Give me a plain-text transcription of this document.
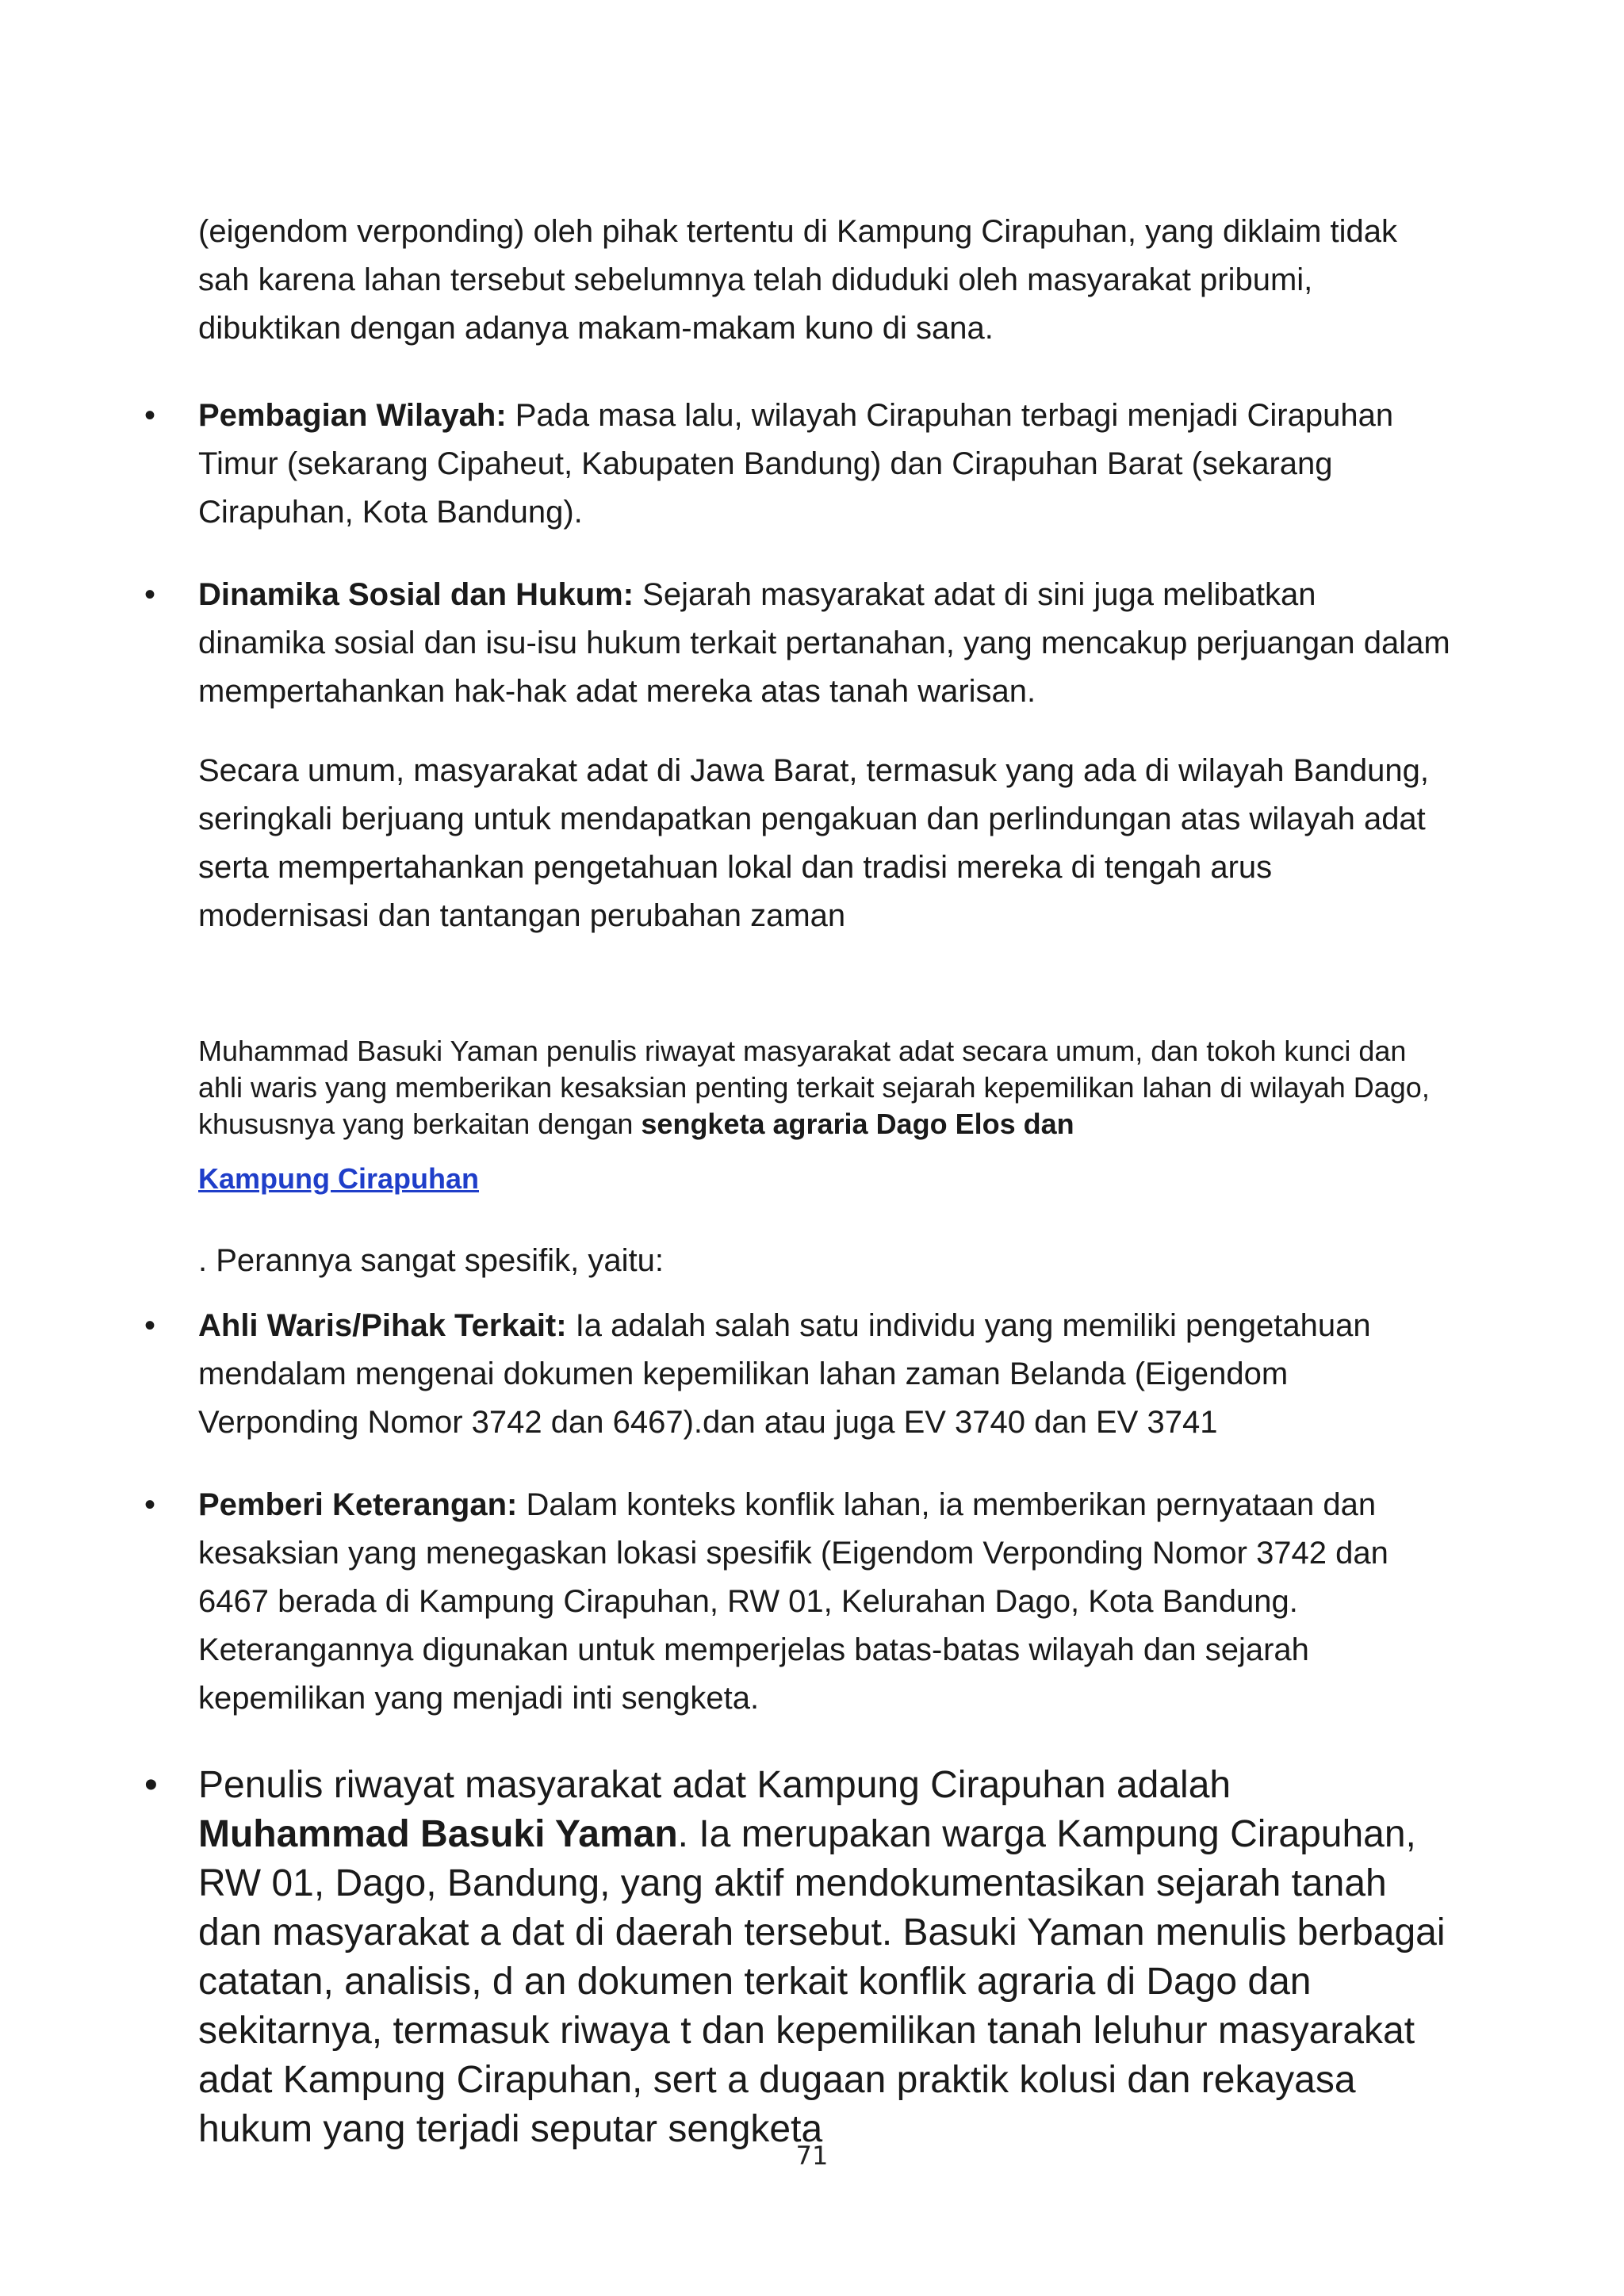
(eigendom verponding) oleh pihak tertentu di Kampung Cirapuhan, yang diklaim tidak sah karena lahan tersebut sebelumnya telah diduduki oleh masyarakat pribumi, dibuktikan dengan adanya makam-makam kuno di sana.

• Pembagian Wilayah: Pada masa lalu, wilayah Cirapuhan terbagi menjadi Cirapuhan Timur (sekarang Cipaheut, Kabupaten Bandung) dan Cirapuhan Barat (sekarang Cirapuhan, Kota Bandung).

• Dinamika Sosial dan Hukum: Sejarah masyarakat adat di sini juga melibatkan dinamika sosial dan isu-isu hukum terkait pertanahan, yang mencakup perjuangan dalam mempertahankan hak-hak adat mereka atas tanah warisan.

Secara umum, masyarakat adat di Jawa Barat, termasuk yang ada di wilayah Bandung, seringkali berjuang untuk mendapatkan pengakuan dan perlindungan atas wilayah adat serta mempertahankan pengetahuan lokal dan tradisi mereka di tengah arus modernisasi dan tantangan perubahan zaman

Muhammad Basuki Yaman penulis riwayat masyarakat adat secara umum, dan tokoh kunci dan ahli waris yang memberikan kesaksian penting terkait sejarah kepemilikan lahan di wilayah Dago, khususnya yang berkaitan dengan sengketa agraria Dago Elos dan

Kampung Cirapuhan

. Perannya sangat spesifik, yaitu:

• Ahli Waris/Pihak Terkait: Ia adalah salah satu individu yang memiliki pengetahuan mendalam mengenai dokumen kepemilikan lahan zaman Belanda (Eigendom Verponding Nomor 3742 dan 6467).dan atau juga EV 3740 dan EV 3741

• Pemberi Keterangan: Dalam konteks konflik lahan, ia memberikan pernyataan dan kesaksian yang menegaskan lokasi spesifik (Eigendom Verponding Nomor 3742 dan 6467 berada di Kampung Cirapuhan, RW 01, Kelurahan Dago, Kota Bandung. Keterangannya digunakan untuk memperjelas batas-batas wilayah dan sejarah kepemilikan yang menjadi inti sengketa.

• Penulis riwayat masyarakat adat Kampung Cirapuhan adalah Muhammad Basuki Yaman. Ia merupakan warga Kampung Cirapuhan, RW 01, Dago, Bandung, yang aktif mendokumentasikan sejarah tanah dan masyarakat a dat di daerah tersebut. Basuki Yaman menulis berbagai catatan, analisis, d an dokumen terkait konflik agraria di Dago dan sekitarnya, termasuk riwaya t dan kepemilikan tanah leluhur masyarakat adat Kampung Cirapuhan, sert a dugaan praktik kolusi dan rekayasa hukum yang terjadi seputar sengketa

71
